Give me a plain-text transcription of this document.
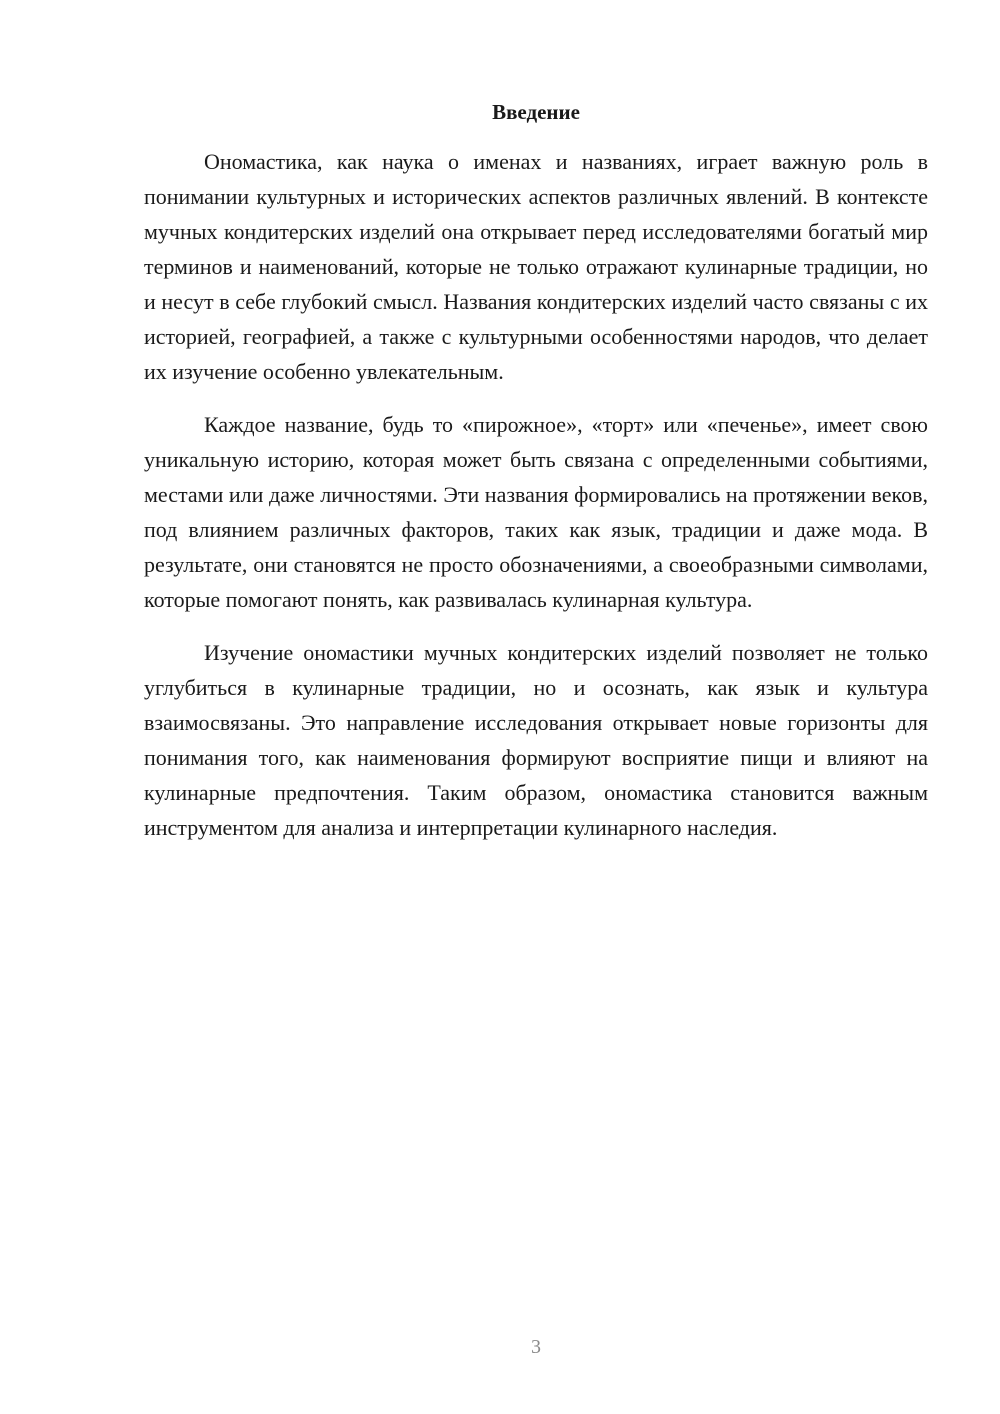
Введение

Ономастика, как наука о именах и названиях, играет важную роль в понимании культурных и исторических аспектов различных явлений. В контексте мучных кондитерских изделий она открывает перед исследователями богатый мир терминов и наименований, которые не только отражают кулинарные традиции, но и несут в себе глубокий смысл. Названия кондитерских изделий часто связаны с их историей, географией, а также с культурными особенностями народов, что делает их изучение особенно увлекательным.

Каждое название, будь то «пирожное», «торт» или «печенье», имеет свою уникальную историю, которая может быть связана с определенными событиями, местами или даже личностями. Эти названия формировались на протяжении веков, под влиянием различных факторов, таких как язык, традиции и даже мода. В результате, они становятся не просто обозначениями, а своеобразными символами, которые помогают понять, как развивалась кулинарная культура.

Изучение ономастики мучных кондитерских изделий позволяет не только углубиться в кулинарные традиции, но и осознать, как язык и культура взаимосвязаны. Это направление исследования открывает новые горизонты для понимания того, как наименования формируют восприятие пищи и влияют на кулинарные предпочтения. Таким образом, ономастика становится важным инструментом для анализа и интерпретации кулинарного наследия.

3
